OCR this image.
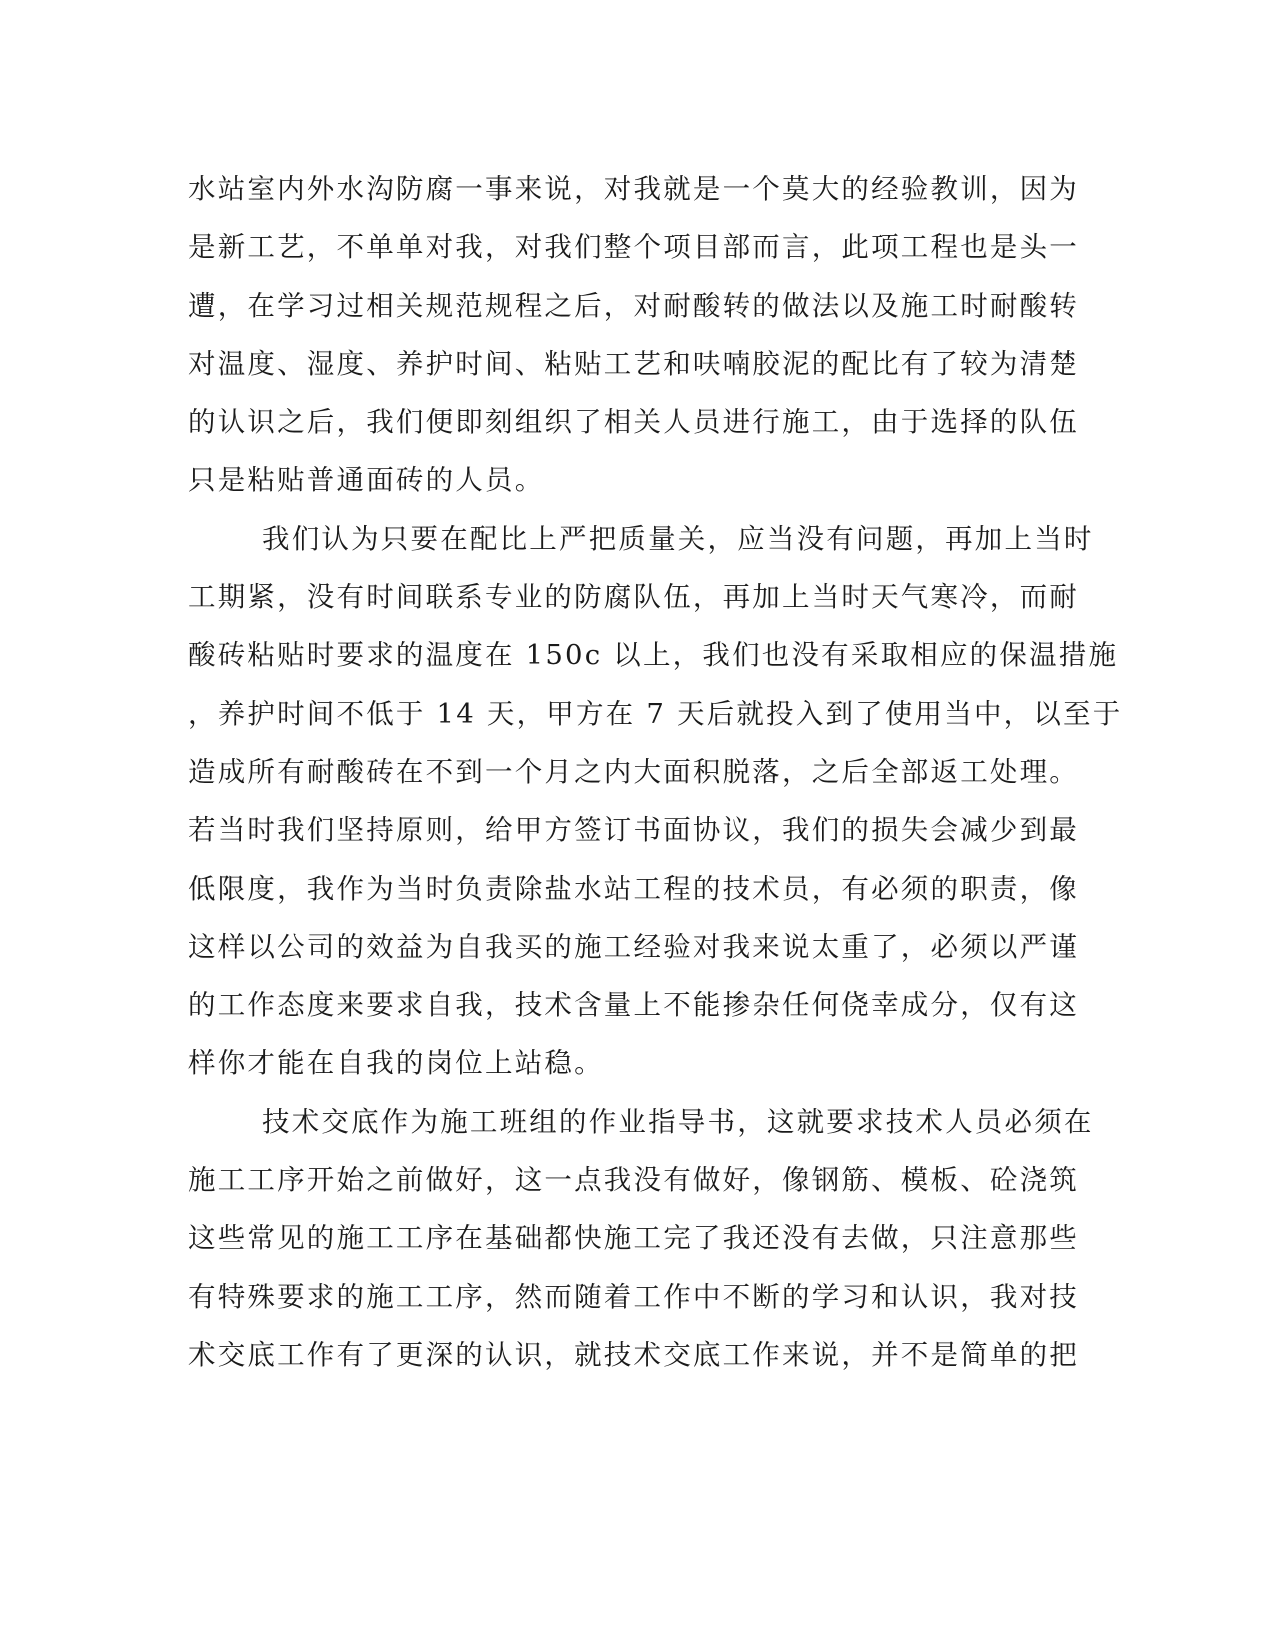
水站室内外水沟防腐一事来说，对我就是一个莫大的经验教训，因为
是新工艺，不单单对我，对我们整个项目部而言，此项工程也是头一
遭，在学习过相关规范规程之后，对耐酸转的做法以及施工时耐酸转
对温度、湿度、养护时间、粘贴工艺和呋喃胶泥的配比有了较为清楚
的认识之后，我们便即刻组织了相关人员进行施工，由于选择的队伍
只是粘贴普通面砖的人员。
我们认为只要在配比上严把质量关，应当没有问题，再加上当时
工期紧，没有时间联系专业的防腐队伍，再加上当时天气寒冷，而耐
酸砖粘贴时要求的温度在 150c 以上，我们也没有采取相应的保温措施
，养护时间不低于 14 天，甲方在 7 天后就投入到了使用当中，以至于
造成所有耐酸砖在不到一个月之内大面积脱落，之后全部返工处理。
若当时我们坚持原则，给甲方签订书面协议，我们的损失会减少到最
低限度，我作为当时负责除盐水站工程的技术员，有必须的职责，像
这样以公司的效益为自我买的施工经验对我来说太重了，必须以严谨
的工作态度来要求自我，技术含量上不能掺杂任何侥幸成分，仅有这
样你才能在自我的岗位上站稳。
技术交底作为施工班组的作业指导书，这就要求技术人员必须在
施工工序开始之前做好，这一点我没有做好，像钢筋、模板、砼浇筑
这些常见的施工工序在基础都快施工完了我还没有去做，只注意那些
有特殊要求的施工工序，然而随着工作中不断的学习和认识，我对技
术交底工作有了更深的认识，就技术交底工作来说，并不是简单的把
